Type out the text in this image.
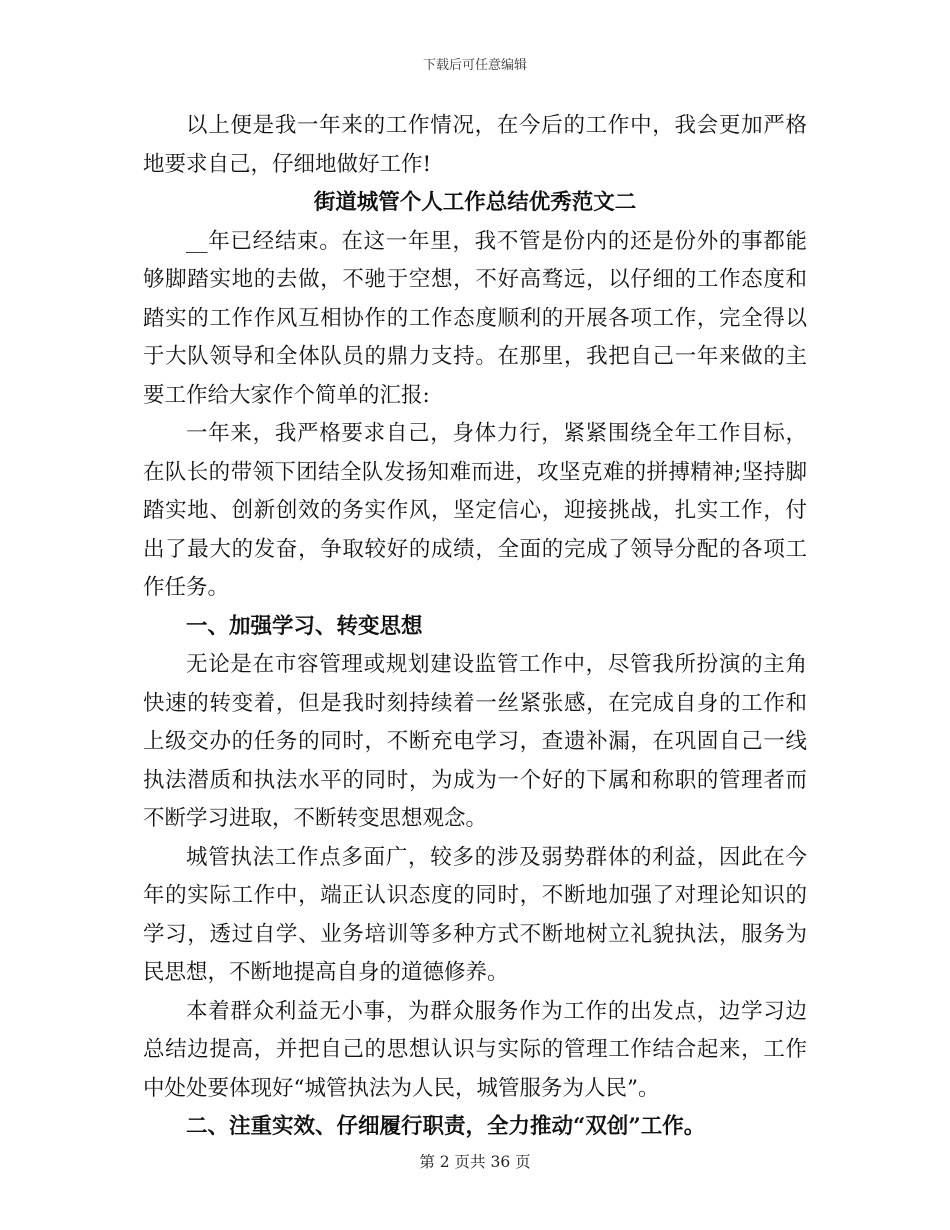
下载后可任意编辑

以上便是我一年来的工作情况，在今后的工作中，我会更加严格地要求自己，仔细地做好工作!

街道城管个人工作总结优秀范文二

__年已经结束。在这一年里，我不管是份内的还是份外的事都能够脚踏实地的去做，不驰于空想，不好高骛远，以仔细的工作态度和踏实的工作作风互相协作的工作态度顺利的开展各项工作，完全得以于大队领导和全体队员的鼎力支持。在那里，我把自己一年来做的主要工作给大家作个简单的汇报:

一年来，我严格要求自己，身体力行，紧紧围绕全年工作目标，在队长的带领下团结全队发扬知难而进，攻坚克难的拼搏精神;坚持脚踏实地、创新创效的务实作风，坚定信心，迎接挑战，扎实工作，付出了最大的发奋，争取较好的成绩，全面的完成了领导分配的各项工作任务。

一、加强学习、转变思想

无论是在市容管理或规划建设监管工作中，尽管我所扮演的主角快速的转变着，但是我时刻持续着一丝紧张感，在完成自身的工作和上级交办的任务的同时，不断充电学习，查遗补漏，在巩固自己一线执法潜质和执法水平的同时，为成为一个好的下属和称职的管理者而不断学习进取，不断转变思想观念。

城管执法工作点多面广，较多的涉及弱势群体的利益，因此在今年的实际工作中，端正认识态度的同时，不断地加强了对理论知识的学习，透过自学、业务培训等多种方式不断地树立礼貌执法，服务为民思想，不断地提高自身的道德修养。

本着群众利益无小事，为群众服务作为工作的出发点，边学习边总结边提高，并把自己的思想认识与实际的管理工作结合起来，工作中处处要体现好“城管执法为人民，城管服务为人民”。

二、注重实效、仔细履行职责，全力推动“双创”工作。

第 2 页共 36 页
